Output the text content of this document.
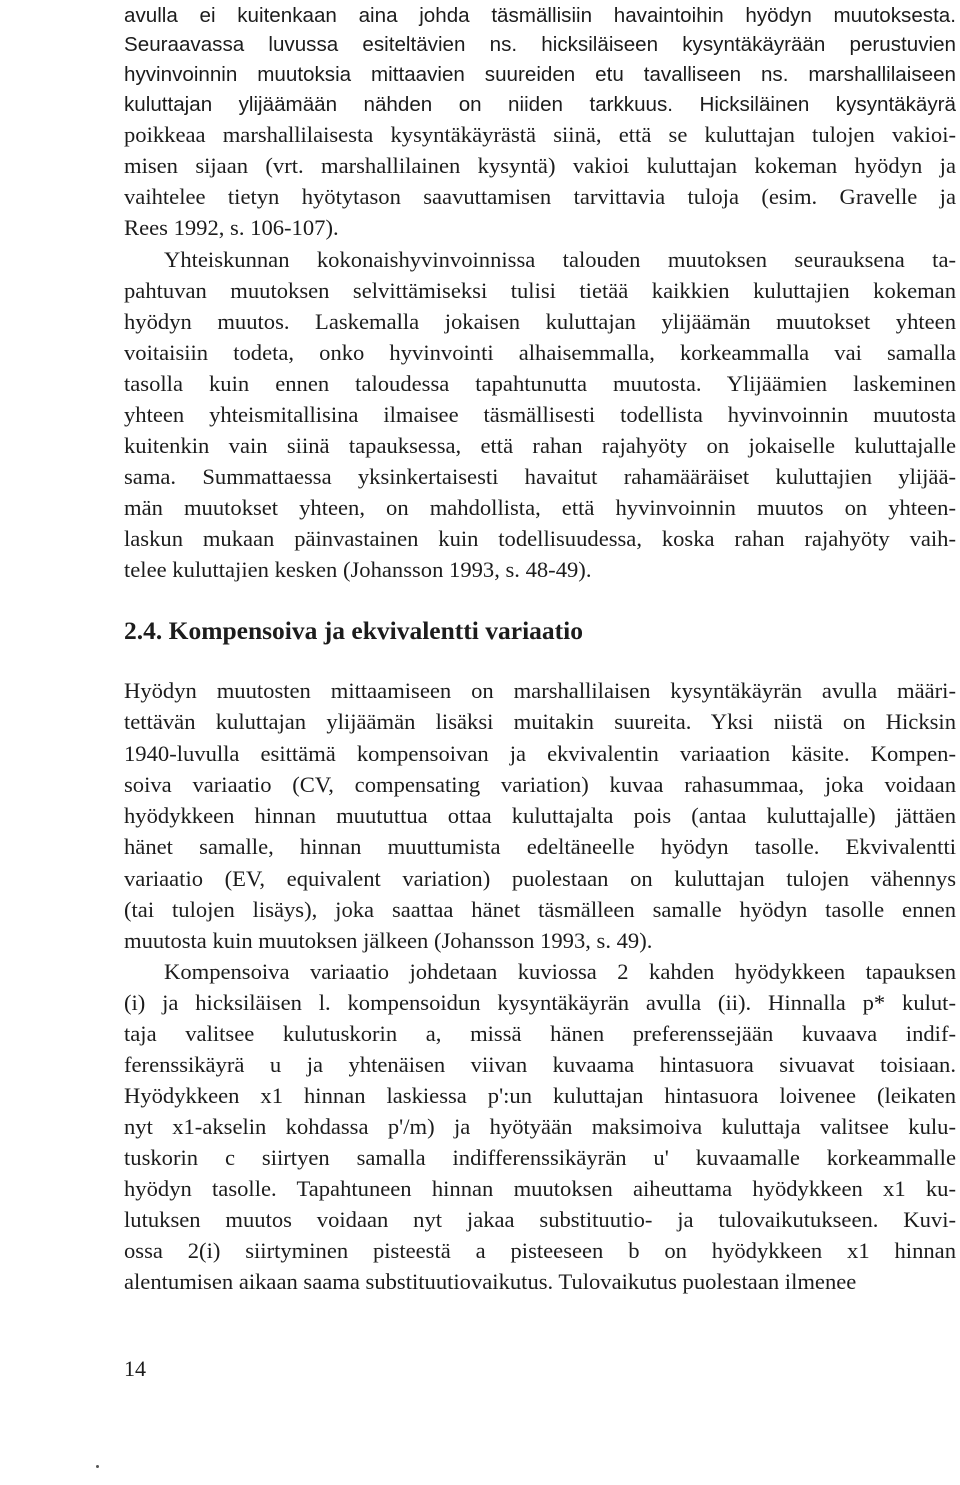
avulla ei kuitenkaan aina johda täsmällisiin havaintoihin hyödyn muutoksesta.
Seuraavassa luvussa esiteltävien ns. hicksiläiseen kysyntäkäyrään perustuvien
hyvinvoinnin muutoksia mittaavien suureiden etu tavalliseen ns. marshallilaiseen
kuluttajan ylijäämään nähden on niiden tarkkuus. Hicksiläinen kysyntäkäyrä
poikkeaa marshallilaisesta kysyntäkäyrästä siinä, että se kuluttajan tulojen vakioi-
misen sijaan (vrt. marshallilainen kysyntä) vakioi kuluttajan kokeman hyödyn ja
vaihtelee tietyn hyötytason saavuttamisen tarvittavia tuloja (esim. Gravelle ja
Rees 1992, s. 106-107).
Yhteiskunnan kokonaishyvinvoinnissa talouden muutoksen seurauksena ta-
pahtuvan muutoksen selvittämiseksi tulisi tietää kaikkien kuluttajien kokeman
hyödyn muutos. Laskemalla jokaisen kuluttajan ylijäämän muutokset yhteen
voitaisiin todeta, onko hyvinvointi alhaisemmalla, korkeammalla vai samalla
tasolla kuin ennen taloudessa tapahtunutta muutosta. Ylijäämien laskeminen
yhteen yhteismitallisina ilmaisee täsmällisesti todellista hyvinvoinnin muutosta
kuitenkin vain siinä tapauksessa, että rahan rajahyöty on jokaiselle kuluttajalle
sama. Summattaessa yksinkertaisesti havaitut rahamääräiset kuluttajien ylijää-
män muutokset yhteen, on mahdollista, että hyvinvoinnin muutos on yhteen-
laskun mukaan päinvastainen kuin todellisuudessa, koska rahan rajahyöty vaih-
telee kuluttajien kesken (Johansson 1993, s. 48-49).
2.4. Kompensoiva ja ekvivalentti variaatio
Hyödyn muutosten mittaamiseen on marshallilaisen kysyntäkäyrän avulla määri-
tettävän kuluttajan ylijäämän lisäksi muitakin suureita. Yksi niistä on Hicksin
1940-luvulla esittämä kompensoivan ja ekvivalentin variaation käsite. Kompen-
soiva variaatio (CV, compensating variation) kuvaa rahasummaa, joka voidaan
hyödykkeen hinnan muututtua ottaa kuluttajalta pois (antaa kuluttajalle) jättäen
hänet samalle, hinnan muuttumista edeltäneelle hyödyn tasolle. Ekvivalentti
variaatio (EV, equivalent variation) puolestaan on kuluttajan tulojen vähennys
(tai tulojen lisäys), joka saattaa hänet täsmälleen samalle hyödyn tasolle ennen
muutosta kuin muutoksen jälkeen (Johansson 1993, s. 49).
Kompensoiva variaatio johdetaan kuviossa 2 kahden hyödykkeen tapauksen
(i) ja hicksiläisen l. kompensoidun kysyntäkäyrän avulla (ii). Hinnalla p* kulut-
taja valitsee kulutuskorin a, missä hänen preferenssejään kuvaava indif-
ferenssikäyrä u ja yhtenäisen viivan kuvaama hintasuora sivuavat toisiaan.
Hyödykkeen x1 hinnan laskiessa p':un kuluttajan hintasuora loivenee (leikaten
nyt x1-akselin kohdassa p'/m) ja hyötyään maksimoiva kuluttaja valitsee kulu-
tuskorin c siirtyen samalla indifferenssikäyrän u' kuvaamalle korkeammalle
hyödyn tasolle. Tapahtuneen hinnan muutoksen aiheuttama hyödykkeen x1 ku-
lutuksen muutos voidaan nyt jakaa substituutio- ja tulovaikutukseen. Kuvi-
ossa 2(i) siirtyminen pisteestä a pisteeseen b on hyödykkeen x1 hinnan
alentumisen aikaan saama substituutiovaikutus. Tulovaikutus puolestaan ilmenee
14
